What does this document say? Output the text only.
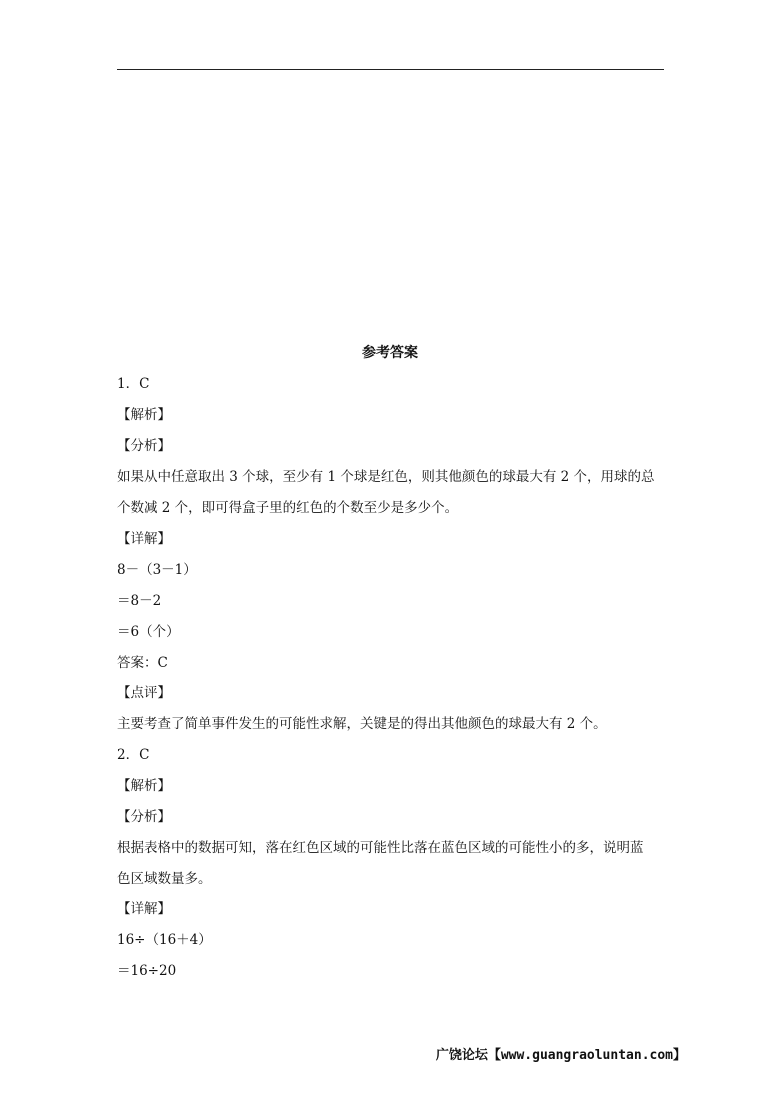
参考答案
1．C
【解析】
【分析】
如果从中任意取出 3 个球，至少有 1 个球是红色，则其他颜色的球最大有 2 个，用球的总
个数减 2 个，即可得盒子里的红色的个数至少是多少个。
【详解】
8－（3－1）
＝8－2
＝6（个）
答案：C
【点评】
主要考查了简单事件发生的可能性求解，关键是的得出其他颜色的球最大有 2 个。
2．C
【解析】
【分析】
根据表格中的数据可知，落在红色区域的可能性比落在蓝色区域的可能性小的多，说明蓝
色区域数量多。
【详解】
16÷（16＋4）
＝16÷20
广饶论坛【www.guangraoluntan.com】
